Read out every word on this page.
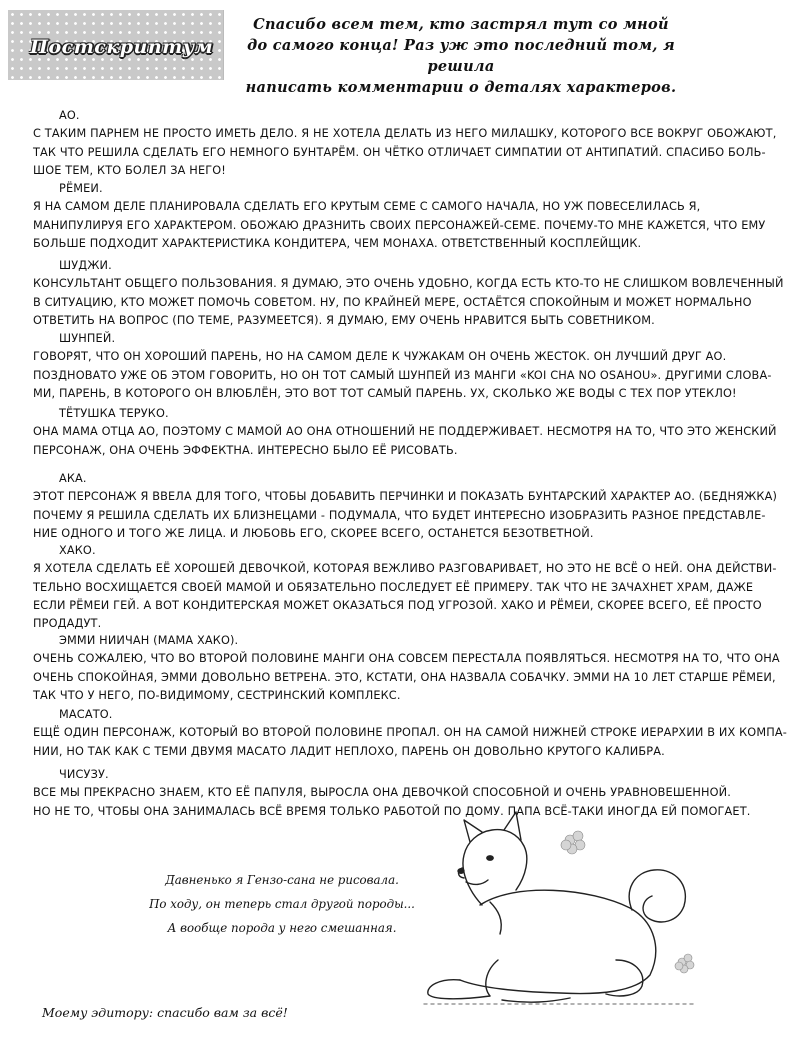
Постскриптум
Спасибо всем тем, кто застрял тут со мной
до самого конца! Раз уж это последний том, я решила
написать комментарии о деталях характеров.
АО.
С ТАКИМ ПАРНЕМ НЕ ПРОСТО ИМЕТЬ ДЕЛО. Я НЕ ХОТЕЛА ДЕЛАТЬ ИЗ НЕГО МИЛАШКУ, КОТОРОГО ВСЕ ВОКРУГ ОБОЖАЮТ,
ТАК ЧТО РЕШИЛА СДЕЛАТЬ ЕГО НЕМНОГО БУНТАРЁМ. ОН ЧЁТКО ОТЛИЧАЕТ СИМПАТИИ ОТ АНТИПАТИЙ. СПАСИБО БОЛЬ-
ШОЕ ТЕМ, КТО БОЛЕЛ ЗА НЕГО!
РЁМЕИ.
Я НА САМОМ ДЕЛЕ ПЛАНИРОВАЛА СДЕЛАТЬ ЕГО КРУТЫМ СЕМЕ С САМОГО НАЧАЛА, НО УЖ ПОВЕСЕЛИЛАСЬ Я,
МАНИПУЛИРУЯ ЕГО ХАРАКТЕРОМ. ОБОЖАЮ ДРАЗНИТЬ СВОИХ ПЕРСОНАЖЕЙ-СЕМЕ. ПОЧЕМУ-ТО МНЕ КАЖЕТСЯ, ЧТО ЕМУ
БОЛЬШЕ ПОДХОДИТ ХАРАКТЕРИСТИКА КОНДИТЕРА, ЧЕМ МОНАХА. ОТВЕТСТВЕННЫЙ КОСПЛЕЙЩИК.
ШУДЖИ.
КОНСУЛЬТАНТ ОБЩЕГО ПОЛЬЗОВАНИЯ. Я ДУМАЮ, ЭТО ОЧЕНЬ УДОБНО, КОГДА ЕСТЬ КТО-ТО НЕ СЛИШКОМ ВОВЛЕЧЕННЫЙ
В СИТУАЦИЮ, КТО МОЖЕТ ПОМОЧЬ СОВЕТОМ. НУ, ПО КРАЙНЕЙ МЕРЕ, ОСТАЁТСЯ СПОКОЙНЫМ И МОЖЕТ НОРМАЛЬНО
ОТВЕТИТЬ НА ВОПРОС (ПО ТЕМЕ, РАЗУМЕЕТСЯ). Я ДУМАЮ, ЕМУ ОЧЕНЬ НРАВИТСЯ БЫТЬ СОВЕТНИКОМ.
ШУНПЕЙ.
ГОВОРЯТ, ЧТО ОН ХОРОШИЙ ПАРЕНЬ, НО НА САМОМ ДЕЛЕ К ЧУЖАКАМ ОН ОЧЕНЬ ЖЕСТОК. ОН ЛУЧШИЙ ДРУГ АО.
ПОЗДНОВАТО УЖЕ ОБ ЭТОМ ГОВОРИТЬ, НО ОН ТОТ САМЫЙ ШУНПЕЙ ИЗ МАНГИ «KOI CHA NO OSAHOU». ДРУГИМИ СЛОВА-
МИ, ПАРЕНЬ, В КОТОРОГО ОН ВЛЮБЛЁН, ЭТО ВОТ ТОТ САМЫЙ ПАРЕНЬ. УХ, СКОЛЬКО ЖЕ ВОДЫ С ТЕХ ПОР УТЕКЛО!
ТЁТУШКА ТЕРУКО.
ОНА МАМА ОТЦА АО, ПОЭТОМУ С МАМОЙ АО ОНА ОТНОШЕНИЙ НЕ ПОДДЕРЖИВАЕТ. НЕСМОТРЯ НА ТО, ЧТО ЭТО ЖЕНСКИЙ
ПЕРСОНАЖ, ОНА ОЧЕНЬ ЭФФЕКТНА. ИНТЕРЕСНО БЫЛО ЕЁ РИСОВАТЬ.
АКА.
ЭТОТ ПЕРСОНАЖ Я ВВЕЛА ДЛЯ ТОГО, ЧТОБЫ ДОБАВИТЬ ПЕРЧИНКИ И ПОКАЗАТЬ БУНТАРСКИЙ ХАРАКТЕР АО. (БЕДНЯЖКА)
ПОЧЕМУ Я РЕШИЛА СДЕЛАТЬ ИХ БЛИЗНЕЦАМИ - ПОДУМАЛА, ЧТО БУДЕТ ИНТЕРЕСНО ИЗОБРАЗИТЬ РАЗНОЕ ПРЕДСТАВЛЕ-
НИЕ ОДНОГО И ТОГО ЖЕ ЛИЦА. И ЛЮБОВЬ ЕГО, СКОРЕЕ ВСЕГО, ОСТАНЕТСЯ БЕЗОТВЕТНОЙ.
ХАКО.
Я ХОТЕЛА СДЕЛАТЬ ЕЁ ХОРОШЕЙ ДЕВОЧКОЙ, КОТОРАЯ ВЕЖЛИВО РАЗГОВАРИВАЕТ, НО ЭТО НЕ ВСЁ О НЕЙ. ОНА ДЕЙСТВИ-
ТЕЛЬНО ВОСХИЩАЕТСЯ СВОЕЙ МАМОЙ И ОБЯЗАТЕЛЬНО ПОСЛЕДУЕТ ЕЁ ПРИМЕРУ. ТАК ЧТО НЕ ЗАЧАХНЕТ ХРАМ, ДАЖЕ
ЕСЛИ РЁМЕИ ГЕЙ. А ВОТ КОНДИТЕРСКАЯ МОЖЕТ ОКАЗАТЬСЯ ПОД УГРОЗОЙ. ХАКО И РЁМЕИ, СКОРЕЕ ВСЕГО, ЕЁ ПРОСТО
ПРОДАДУТ.
ЭММИ НИИЧАН (МАМА ХАКО).
ОЧЕНЬ СОЖАЛЕЮ, ЧТО ВО ВТОРОЙ ПОЛОВИНЕ МАНГИ ОНА СОВСЕМ ПЕРЕСТАЛА ПОЯВЛЯТЬСЯ. НЕСМОТРЯ НА ТО, ЧТО ОНА
ОЧЕНЬ СПОКОЙНАЯ, ЭММИ ДОВОЛЬНО ВЕТРЕНА. ЭТО, КСТАТИ, ОНА НАЗВАЛА СОБАЧКУ. ЭММИ НА 10 ЛЕТ СТАРШЕ РЁМЕИ,
ТАК ЧТО У НЕГО, ПО-ВИДИМОМУ, СЕСТРИНСКИЙ КОМПЛЕКС.
МАСАТО.
ЕЩЁ ОДИН ПЕРСОНАЖ, КОТОРЫЙ ВО ВТОРОЙ ПОЛОВИНЕ ПРОПАЛ. ОН НА САМОЙ НИЖНЕЙ СТРОКЕ ИЕРАРХИИ В ИХ КОМПА-
НИИ, НО ТАК КАК С ТЕМИ ДВУМЯ МАСАТО ЛАДИТ НЕПЛОХО, ПАРЕНЬ ОН ДОВОЛЬНО КРУТОГО КАЛИБРА.
ЧИСУЗУ.
ВСЕ МЫ ПРЕКРАСНО ЗНАЕМ, КТО ЕЁ ПАПУЛЯ, ВЫРОСЛА ОНА ДЕВОЧКОЙ СПОСОБНОЙ И ОЧЕНЬ УРАВНОВЕШЕННОЙ.
НО НЕ ТО, ЧТОБЫ ОНА ЗАНИМАЛАСЬ ВСЁ ВРЕМЯ ТОЛЬКО РАБОТОЙ ПО ДОМУ. ПАПА ВСЁ-ТАКИ ИНОГДА ЕЙ ПОМОГАЕТ.
Давненько я Гензо-сана не рисовала.
По ходу, он теперь стал другой породы...
А вообще порода у него смешанная.
Моему эдитору: спасибо вам за всё!
